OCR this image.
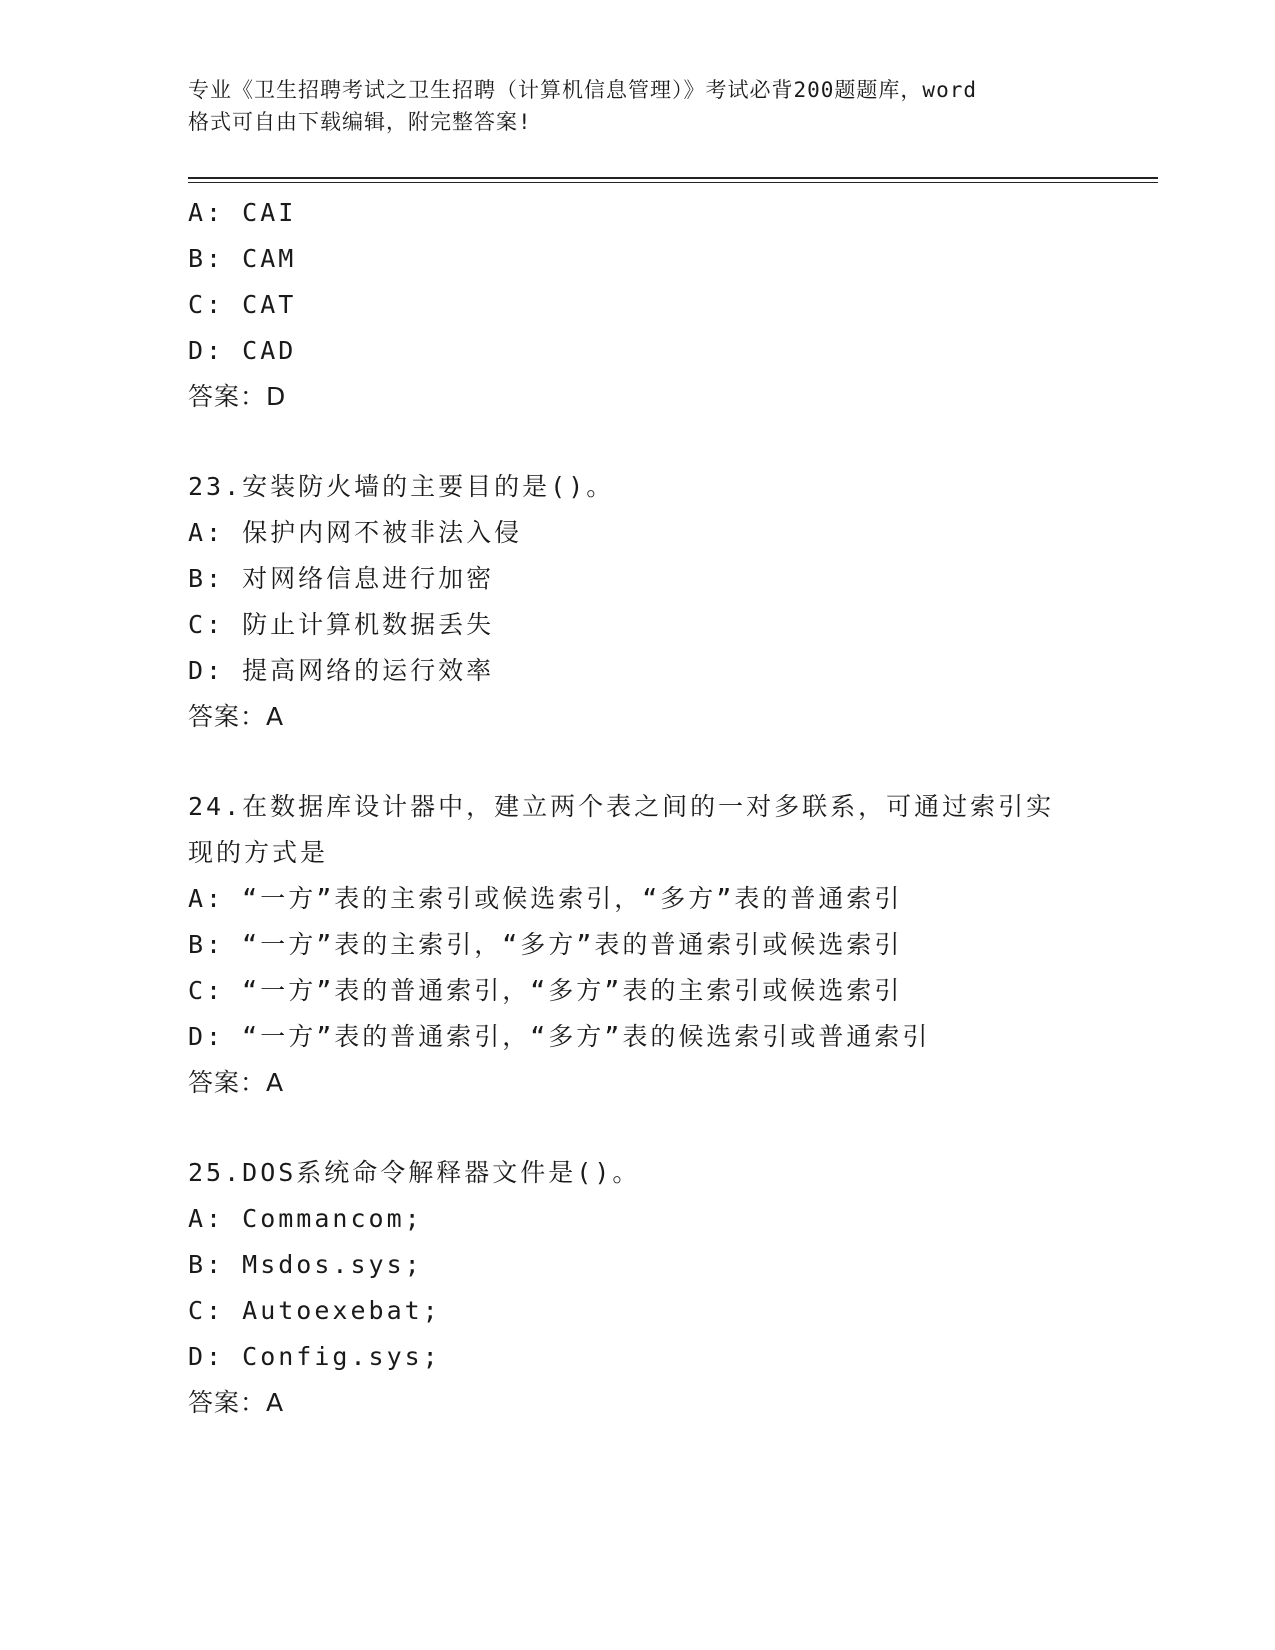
专业《卫生招聘考试之卫生招聘（计算机信息管理）》考试必背200题题库，word
格式可自由下载编辑，附完整答案!
A: CAI
B: CAM
C: CAT
D: CAD
答案：D
23.安装防火墙的主要目的是()。
A: 保护内网不被非法入侵
B: 对网络信息进行加密
C: 防止计算机数据丢失
D: 提高网络的运行效率
答案：A
24.在数据库设计器中，建立两个表之间的一对多联系，可通过索引实
现的方式是
A: “一方”表的主索引或候选索引，“多方”表的普通索引
B: “一方”表的主索引，“多方”表的普通索引或候选索引
C: “一方”表的普通索引，“多方”表的主索引或候选索引
D: “一方”表的普通索引，“多方”表的候选索引或普通索引
答案：A
25.DOS系统命令解释器文件是()。
A: Commancom;
B: Msdos.sys;
C: Autoexebat;
D: Config.sys;
答案：A
